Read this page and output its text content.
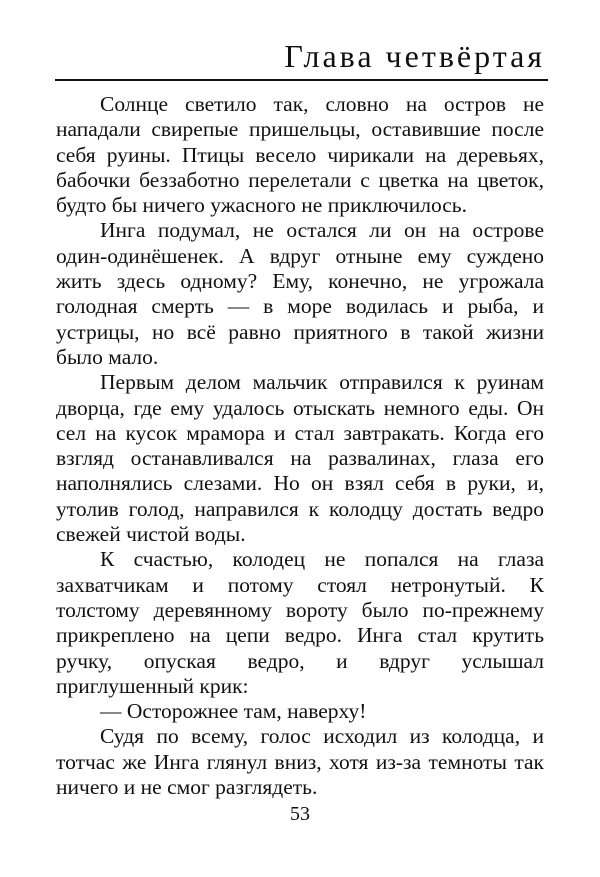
Глава четвёртая
Солнце светило так, словно на остров не
нападали свирепые пришельцы, оставившие после
себя руины. Птицы весело чирикали на деревьях,
бабочки беззаботно перелетали с цветка на цветок,
будто бы ничего ужасного не приключилось.
Инга подумал, не остался ли он на острове
один-одинёшенек. А вдруг отныне ему суждено
жить здесь одному? Ему, конечно, не угрожала
голодная смерть — в море водилась и рыба, и
устрицы, но всё равно приятного в такой жизни
было мало.
Первым делом мальчик отправился к руинам
дворца, где ему удалось отыскать немного еды. Он
сел на кусок мрамора и стал завтракать. Когда его
взгляд останавливался на развалинах, глаза его
наполнялись слезами. Но он взял себя в руки, и,
утолив голод, направился к колодцу достать ведро
свежей чистой воды.
К счастью, колодец не попался на глаза
захватчикам и потому стоял нетронутый. К
толстому деревянному вороту было по-прежнему
прикреплено на цепи ведро. Инга стал крутить
ручку, опуская ведро, и вдруг услышал
приглушенный крик:
— Осторожнее там, наверху!
Судя по всему, голос исходил из колодца, и
тотчас же Инга глянул вниз, хотя из-за темноты так
ничего и не смог разглядеть.
53
